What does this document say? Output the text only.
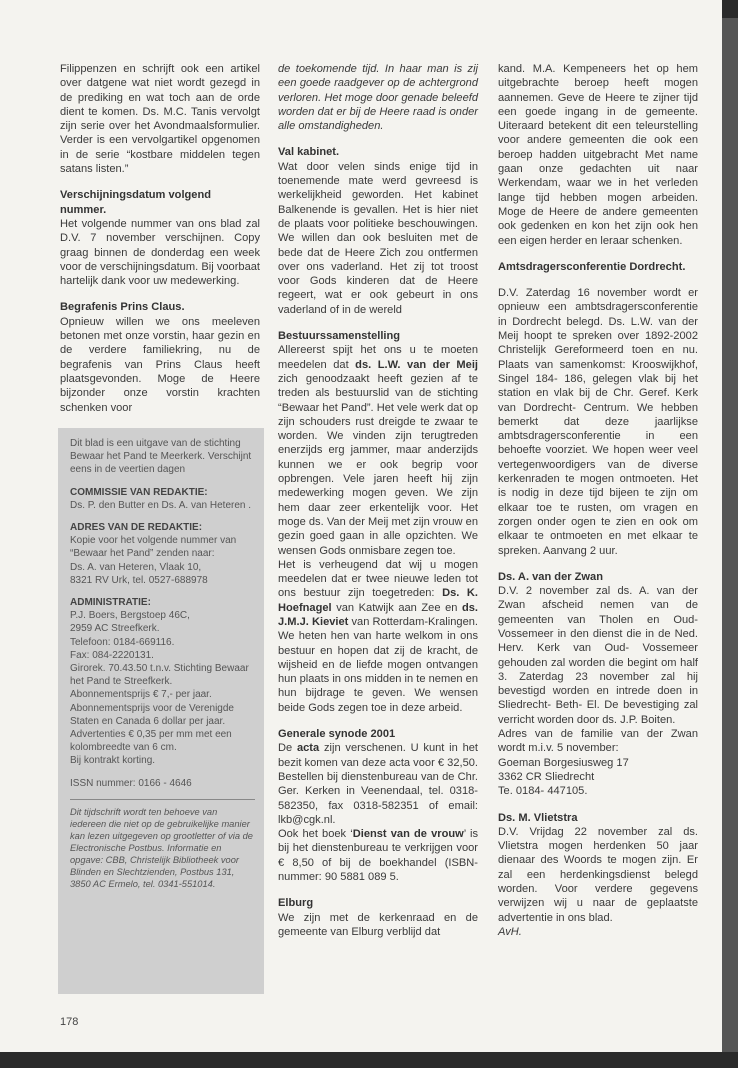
Filippenzen en schrijft ook een artikel over datgene wat niet wordt gezegd in de prediking en wat toch aan de orde dient te komen. Ds. M.C. Tanis vervolgt zijn serie over het Avondmaalsformulier. Verder is een vervolgartikel opgenomen in de serie “kostbare middelen tegen satans listen.”

Verschijningsdatum volgend nummer.

Het volgende nummer van ons blad zal D.V. 7 november verschijnen. Copy graag binnen de donderdag een week voor de verschijningsdatum. Bij voorbaat hartelijk dank voor uw medewerking.

Begrafenis Prins Claus.

Opnieuw willen we ons meeleven betonen met onze vorstin, haar gezin en de verdere familiekring, nu de begrafenis van Prins Claus heeft plaatsgevonden. Moge de Heere bijzonder onze vorstin krachten schenken voor

Dit blad is een uitgave van de stichting Bewaar het Pand te Meerkerk. Verschijnt eens in de veertien dagen

COMMISSIE VAN REDAKTIE:

Ds. P. den Butter en Ds. A. van Heteren .

ADRES VAN DE REDAKTIE:

Kopie voor het volgende nummer van “Bewaar het Pand” zenden naar:
Ds. A. van Heteren, Vlaak 10,
8321 RV Urk, tel. 0527-688978

ADMINISTRATIE:

P.J. Boers, Bergstoep 46C,
2959 AC Streefkerk.
Telefoon: 0184-669116.
Fax: 084-2220131.
Girorek. 70.43.50 t.n.v. Stichting Bewaar het Pand te Streefkerk.
Abonnementsprijs € 7,- per jaar.
Abonnementsprijs voor de Verenigde Staten en Canada 6 dollar per jaar.
Advertenties € 0,35 per mm met een kolombreedte van 6 cm.
Bij kontrakt korting.

ISSN nummer: 0166 - 4646

Dit tijdschrift wordt ten behoeve van iedereen die niet op de gebruikelijke manier kan lezen uitgegeven op grootletter of via de Electronische Postbus. Informatie en opgave: CBB, Christelijk Bibliotheek voor Blinden en Slechtzienden, Postbus 131, 3850 AC Ermelo, tel. 0341-551014.

de toekomende tijd. In haar man is zij een goede raadgever op de achtergrond verloren. Het moge door genade beleefd worden dat er bij de Heere raad is onder alle omstandigheden.

Val kabinet.

Wat door velen sinds enige tijd in toenemende mate werd gevreesd is werkelijkheid geworden. Het kabinet Balkenende is gevallen. Het is hier niet de plaats voor politieke beschouwingen. We willen dan ook besluiten met de bede dat de Heere Zich zou ontfermen over ons vaderland. Het zij tot troost voor Gods kinderen dat de Heere regeert, wat er ook gebeurt in ons vaderland of in de wereld

Bestuurssamenstelling

Allereerst spijt het ons u te moeten meedelen dat ds. L.W. van der Meij zich genoodzaakt heeft gezien af te treden als bestuurslid van de stichting “Bewaar het Pand”. Het vele werk dat op zijn schouders rust dreigde te zwaar te worden. We vinden zijn terugtreden enerzijds erg jammer, maar anderzijds kunnen we er ook begrip voor opbrengen. Vele jaren heeft hij zijn medewerking mogen geven. We zijn hem daar zeer erkentelijk voor. Het moge ds. Van der Meij met zijn vrouw en gezin goed gaan in alle opzichten. We wensen Gods onmisbare zegen toe.

Het is verheugend dat wij u mogen meedelen dat er twee nieuwe leden tot ons bestuur zijn toegetreden: Ds. K. Hoefnagel van Katwijk aan Zee en ds. J.M.J. Kieviet van Rotterdam-Kralingen. We heten hen van harte welkom in ons bestuur en hopen dat zij de kracht, de wijsheid en de liefde mogen ontvangen hun plaats in ons midden in te nemen en hun bijdrage te geven. We wensen beide Gods zegen toe in deze arbeid.

Generale synode 2001

De acta zijn verschenen. U kunt in het bezit komen van deze acta voor € 32,50. Bestellen bij dienstenbureau van de Chr. Ger. Kerken in Veenendaal, tel. 0318- 582350, fax 0318-582351 of email: lkb@cgk.nl.

Ook het boek ‘Dienst van de vrouw’ is bij het dienstenbureau te verkrijgen voor € 8,50 of bij de boekhandel (ISBN- nummer: 90 5881 089 5.

Elburg

We zijn met de kerkenraad en de gemeente van Elburg verblijd dat

kand. M.A. Kempeneers het op hem uitgebrachte beroep heeft mogen aannemen. Geve de Heere te zijner tijd een goede ingang in de gemeente. Uiteraard betekent dit een teleurstelling voor andere gemeenten die ook een beroep hadden uitgebracht Met name gaan onze gedachten uit naar Werkendam, waar we in het verleden lange tijd hebben mogen arbeiden. Moge de Heere de andere gemeenten ook gedenken en kon het zijn ook hen een eigen herder en leraar schenken.

Amtsdragersconferentie Dordrecht.

D.V. Zaterdag 16 november wordt er opnieuw een ambtsdragersconferentie in Dordrecht belegd. Ds. L.W. van der Meij hoopt te spreken over 1892-2002 Christelijk Gereformeerd toen en nu. Plaats van samenkomst: Krooswijkhof, Singel 184- 186, gelegen vlak bij het station en vlak bij de Chr. Geref. Kerk van Dordrecht- Centrum. We hebben bemerkt dat deze jaarlijkse ambtsdragersconferentie in een behoefte voorziet. We hopen weer veel vertegenwoordigers van de diverse kerkenraden te mogen ontmoeten. Het is nodig in deze tijd bijeen te zijn om elkaar toe te rusten, om vragen en zorgen onder ogen te zien en ook om elkaar te ontmoeten en met elkaar te spreken. Aanvang 2 uur.

Ds. A. van der Zwan

D.V. 2 november zal ds. A. van der Zwan afscheid nemen van de gemeenten van Tholen en Oud- Vossemeer in den dienst die in de Ned. Herv. Kerk van Oud- Vossemeer gehouden zal worden die begint om half 3. Zaterdag 23 november zal hij bevestigd worden en intrede doen in Sliedrecht- Beth- El. De bevestiging zal verricht worden door ds. J.P. Boiten.

Adres van de familie van der Zwan wordt m.i.v. 5 november:
Goeman Borgesiusweg 17
3362 CR Sliedrecht
Te. 0184- 447105.

Ds. M. Vlietstra

D.V. Vrijdag 22 november zal ds. Vlietstra mogen herdenken 50 jaar dienaar des Woords te mogen zijn. Er zal een herdenkingsdienst belegd worden. Voor verdere gegevens verwijzen wij u naar de geplaatste advertentie in ons blad.

AvH.

178
